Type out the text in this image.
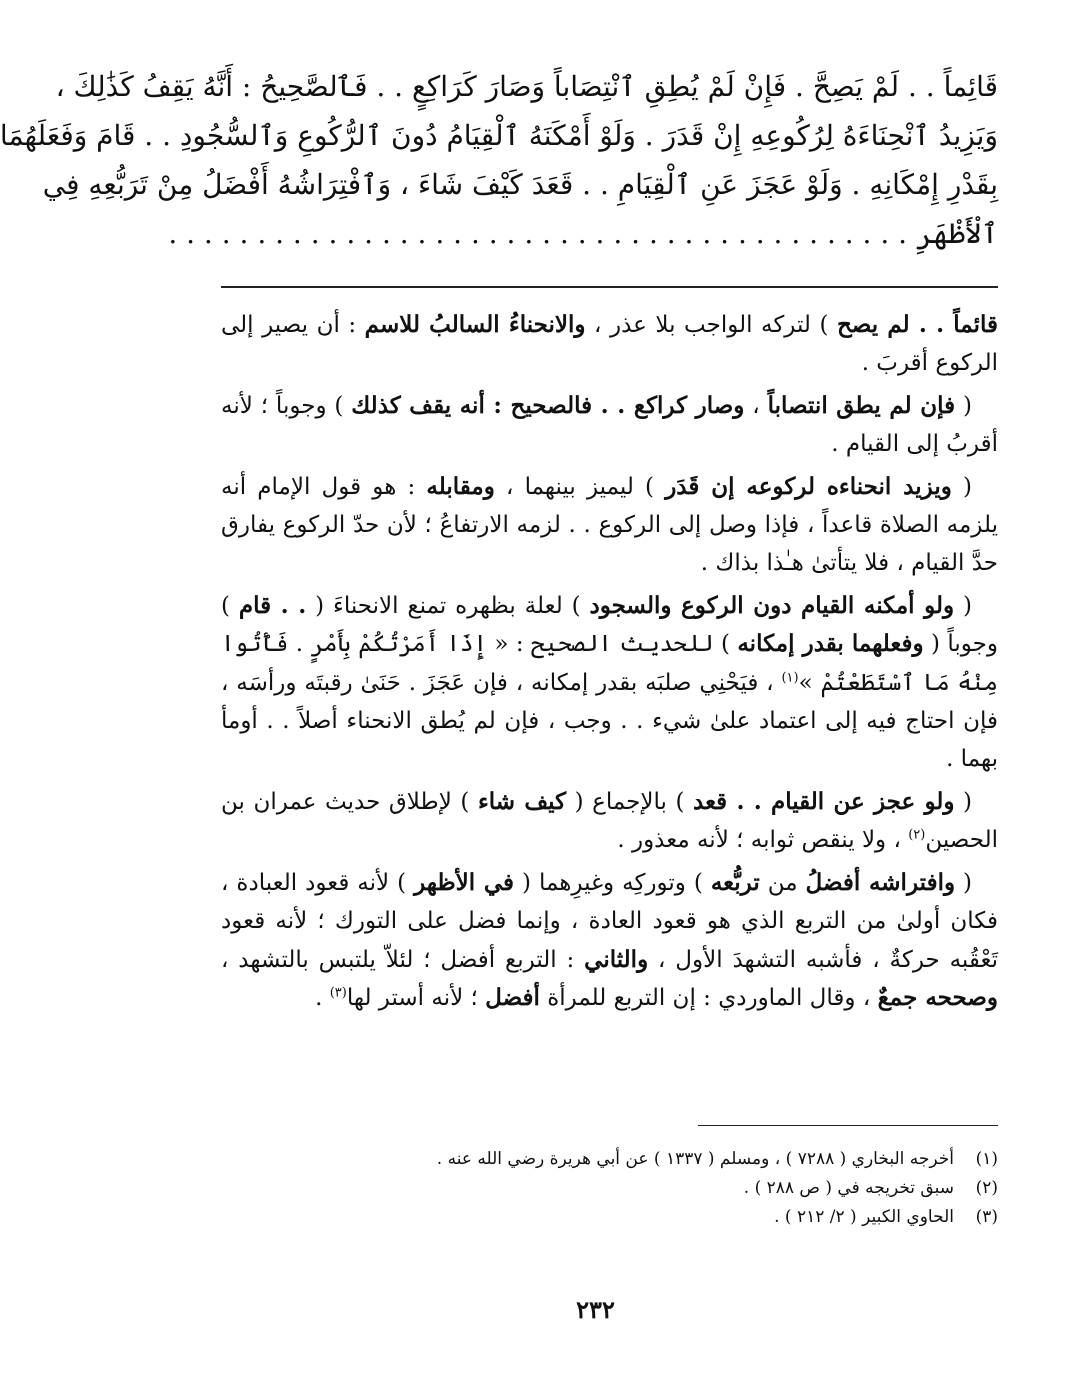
قَائِماً . . لَمْ يَصِحَّ . فَإِنْ لَمْ يُطِقِ ٱنْتِصَاباً وَصَارَ كَرَاكِعٍ . . فَٱلصَّحِيحُ : أَنَّهُ يَقِفُ كَذَٰلِكَ ،
وَيَزِيدُ ٱنْحِنَاءَهُ لِرُكُوعِهِ إِنْ قَدَرَ . وَلَوْ أَمْكَنَهُ ٱلْقِيَامُ دُونَ ٱلرُّكُوعِ وَٱلسُّجُودِ . . قَامَ وَفَعَلَهُمَا
بِقَدْرِ إِمْكَانِهِ . وَلَوْ عَجَزَ عَنِ ٱلْقِيَامِ . . قَعَدَ كَيْفَ شَاءَ ، وَٱفْتِرَاشُهُ أَفْضَلُ مِنْ تَرَبُّعِهِ فِي
ٱلْأَظْهَرِ . . . . . . . . . . . . . . . . . . . . . . . . . . . . . . . . . . . . . . . . . .

قائماً . . لم يصح ) لتركه الواجب بلا عذر ، والانحناءُ السالبُ للاسم : أن يصير إلى الركوع أقربَ .

( فإن لم يطق انتصاباً ، وصار كراكع . . فالصحيح : أنه يقف كذلك ) وجوباً ؛ لأنه أقربُ إلى القيام .

( ويزيد انحناءه لركوعه إن قَدَر ) ليميز بينهما ، ومقابله : هو قول الإمام أنه يلزمه الصلاة قاعداً ، فإذا وصل إلى الركوع . . لزمه الارتفاعُ ؛ لأن حدّ الركوع يفارق حدَّ القيام ، فلا يتأتىٰ هـٰذا بذاك .

( ولو أمكنه القيام دون الركوع والسجود ) لعلة بظهره تمنع الانحناءَ ( . . قام ) وجوباً ( وفعلهما بقدر إمكانه ) للحديث الصحيح : « إِذَا أَمَرْتُكُمْ بِأَمْرٍ . فَأْتُوا مِنْهُ مَا ٱسْتَطَعْتُمْ »$^{(١)}$ ، فيَحْنِي صلبَه بقدر إمكانه ، فإن عَجَزَ . حَنَىٰ رقبتَه ورأسَه ، فإن احتاج فيه إلى اعتماد علىٰ شيء . . وجب ، فإن لم يُطق الانحناء أصلاً . . أومأ بهما .

( ولو عجز عن القيام . . قعد ) بالإجماع ( كيف شاء ) لإطلاق حديث عمران بن الحصين$^{(٢)}$ ، ولا ينقص ثوابه ؛ لأنه معذور .

( وافتراشه أفضلُ من تربُّعه ) وتوركِه وغيرِهما ( في الأظهر ) لأنه قعود العبادة ، فكان أولىٰ من التربع الذي هو قعود العادة ، وإنما فضل على التورك ؛ لأنه قعود تَعْقُبه حركةٌ ، فأشبه التشهدَ الأول ، والثاني : التربع أفضل ؛ لئلاّ يلتبس بالتشهد ، وصححه جمعٌ ، وقال الماوردي : إن التربع للمرأة أفضل ؛ لأنه أستر لها$^{(٣)}$ .

(١)
أخرجه البخاري ( ٧٢٨٨ ) ، ومسلم ( ١٣٣٧ ) عن أبي هريرة رضي الله عنه .
(٢)
سبق تخريجه في ( ص ٢٨٨ ) .
(٣)
الحاوي الكبير ( ٢/ ٢١٢ ) .
٢٣٢
